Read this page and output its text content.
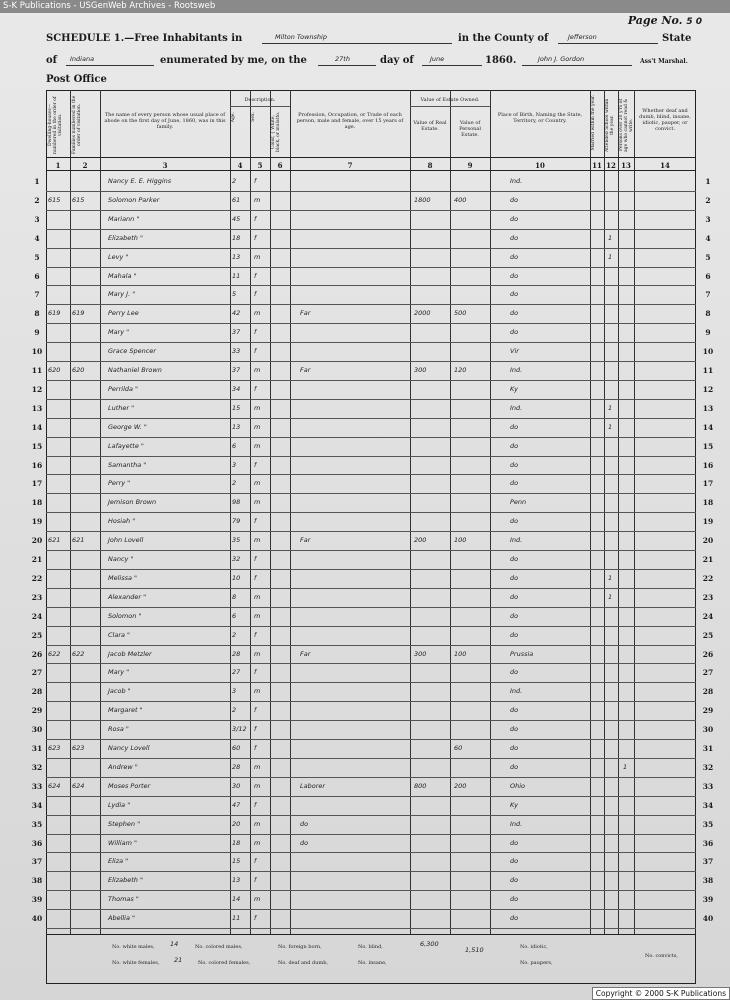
S-K Publications - USGenWeb Archives - Rootsweb
Page No. 5 0
SCHEDULE 1.—Free Inhabitants in	Milton Township	in the County of	Jefferson	State
of Indiana	enumerated by me, on the	27th	day of	June	1860.	John J. Gordon	Ass't Marshal.
Post Office
Dwelling-houses— numbered in the order of visitation. Families numbered in the order of visitation.	The name of every person whose usual place of abode on the first day of June, 1860, was in this family.
Description.
Age.	Sex.	Color, { White, black, or mulatto.	Profession, Occupation, or Trade of each person, male and female, over 15 years of age.
Value of Estate Owned.
Value of Real Estate.
Value of Personal Estate.
Place of Birth, Naming the State, Territory, or Country.	Married within the year. Attended School within the year. Persons over 20 y'rs of age who cannot read & write.
Whether deaf and dumb, blind, insane, idiotic, pauper, or convict.
1	2	3	4	5	6	7	8	9	10	11 12 13	14
1	1
Nancy E. E. Higgins	2	f	Ind.
2	2
615	615	Solomon Parker	61	m	1800	400	do
3	3
Mariann "	45	f	do
4	4
Elizabeth "	18	f	do	1
5	5
Levy "	13	m	do	1
6	6
Mahala "	11	f	do
7	7
Mary J. "	5	f	do
8	8
619	619	Perry Lee	42	m	Far	2000	500	do
9	9
Mary "	37	f	do
10	10
Grace Spencer	33	f	Vir
11	11
620	620	Nathaniel Brown	37	m	Far	300	120	Ind.
12	12
Perrilda "	34	f	Ky
13	13
Luther "	15	m	Ind.	1
14	14
George W. "	13	m	do	1
15	15
Lafayette "	6	m	do
16	16
Samantha "	3	f	do
17	17
Perry "	2	m	do
18	18
Jemison Brown	98	m	Penn
19	19
Hosiah "	79	f	do
20	20
621	621	John Lovell	35	m	Far	200	100	Ind.
21	21
Nancy "	32	f	do
22	22
Melissa "	10	f	do	1
23	23
Alexander "	8	m	do	1
24	24
Solomon "	6	m	do
25	25
Clara "	2	f	do
26	26
622	622	Jacob Metzler	28	m	Far	300	100	Prussia
27	27
Mary "	27	f	do
28	28
Jacob "	3	m	Ind.
29	29
Margaret "	2	f	do
30	30
Rosa "	3/12	f	do
31	31
623	623	Nancy Lovell	60	f	60	do
32	32
Andrew "	28	m	do	1
33	33
624	624	Moses Porter	30	m	Laborer	800	200	Ohio
34	34
Lydia "	47	f	Ky
35	35
Stephen "	20	m	do	Ind.
36	36
William "	18	m	do	do
37	37
Eliza "	15	f	do
38	38
Elizabeth "	13	f	do
39	39
Thomas "	14	m	do
40	40
Abellia "	11	f	do
No. white males, 14	No. colored males,	No. foreign born,	No. blind,	6,300
1,510	No. idiotic,
No. white females, 21	No. colored females,	No. deaf and dumb,	No. insane,	No. paupers,
No. convicts,
Copyright © 2000 S-K Publications
